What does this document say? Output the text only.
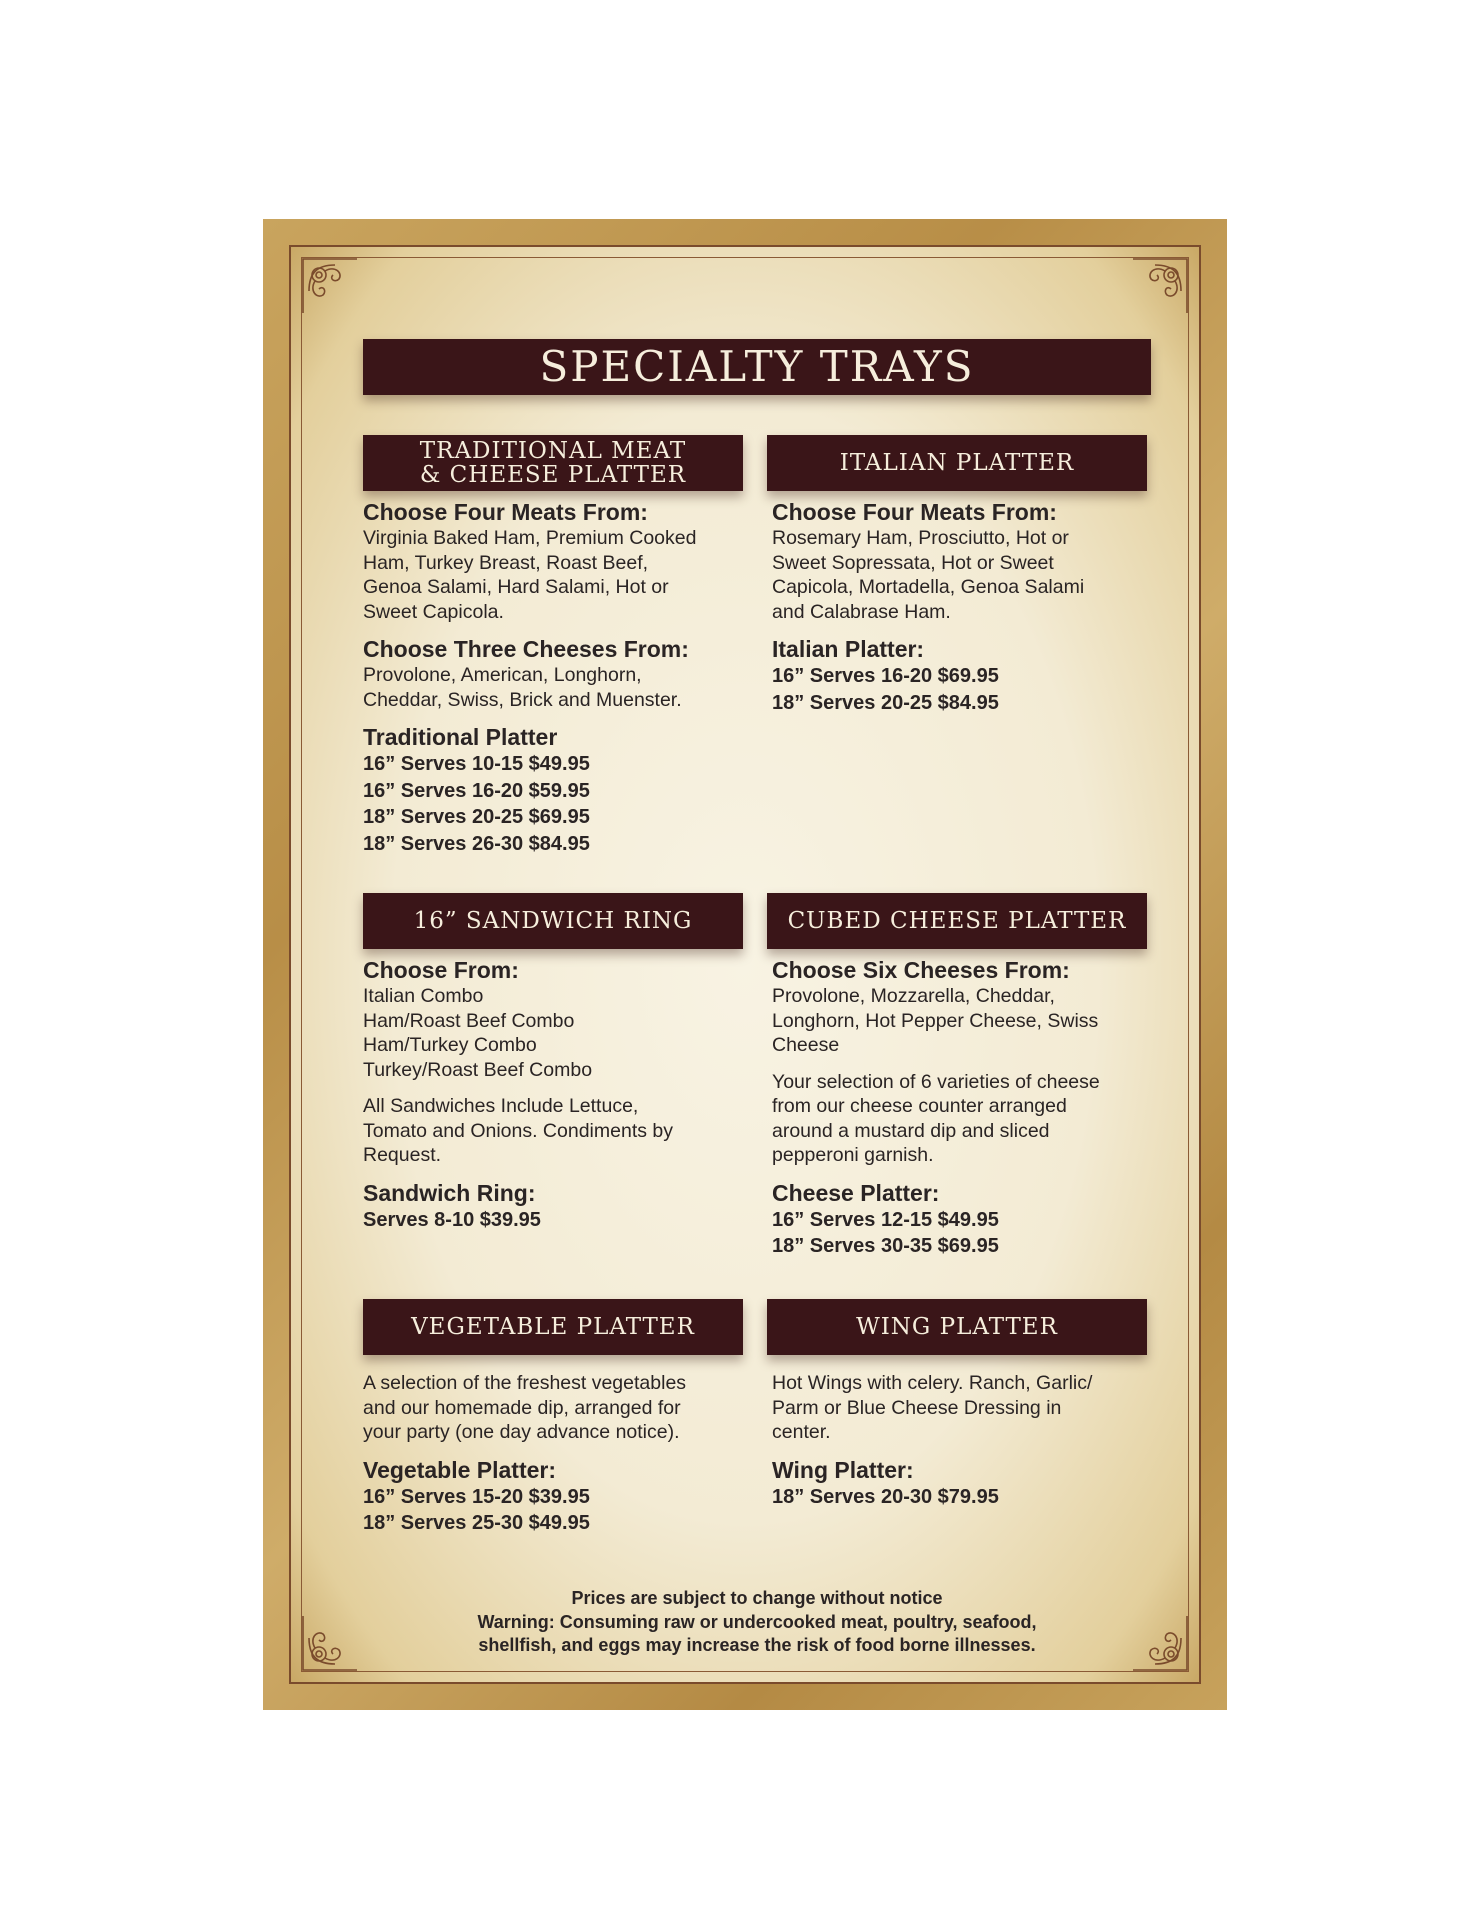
SPECIALTY TRAYS
TRADITIONAL MEAT
& CHEESE PLATTER
Choose Four Meats From:
Virginia Baked Ham, Premium Cooked
Ham, Turkey Breast, Roast Beef,
Genoa Salami, Hard Salami, Hot or
Sweet Capicola.
Choose Three Cheeses From:
Provolone, American, Longhorn,
Cheddar, Swiss, Brick and Muenster.
Traditional Platter
16” Serves 10-15 $49.95
16” Serves 16-20 $59.95
18” Serves 20-25 $69.95
18” Serves 26-30 $84.95
ITALIAN PLATTER
Choose Four Meats From:
Rosemary Ham, Prosciutto, Hot or
Sweet Sopressata, Hot or Sweet
Capicola, Mortadella, Genoa Salami
and Calabrase Ham.
Italian Platter:
16” Serves 16-20 $69.95
18” Serves 20-25 $84.95
16” SANDWICH RING
Choose From:
Italian Combo
Ham/Roast Beef Combo
Ham/Turkey Combo
Turkey/Roast Beef Combo
All Sandwiches Include Lettuce,
Tomato and Onions. Condiments by
Request.
Sandwich Ring:
Serves 8-10 $39.95
CUBED CHEESE PLATTER
Choose Six Cheeses From:
Provolone, Mozzarella, Cheddar,
Longhorn, Hot Pepper Cheese, Swiss
Cheese
Your selection of 6 varieties of cheese
from our cheese counter arranged
around a mustard dip and sliced
pepperoni garnish.
Cheese Platter:
16” Serves 12-15 $49.95
18” Serves 30-35 $69.95
VEGETABLE PLATTER
A selection of the freshest vegetables
and our homemade dip, arranged for
your party (one day advance notice).
Vegetable Platter:
16” Serves 15-20 $39.95
18” Serves 25-30 $49.95
WING PLATTER
Hot Wings with celery. Ranch, Garlic/
Parm or Blue Cheese Dressing in
center.
Wing Platter:
18” Serves 20-30 $79.95
Prices are subject to change without notice
Warning: Consuming raw or undercooked meat, poultry, seafood,
shellfish, and eggs may increase the risk of food borne illnesses.
